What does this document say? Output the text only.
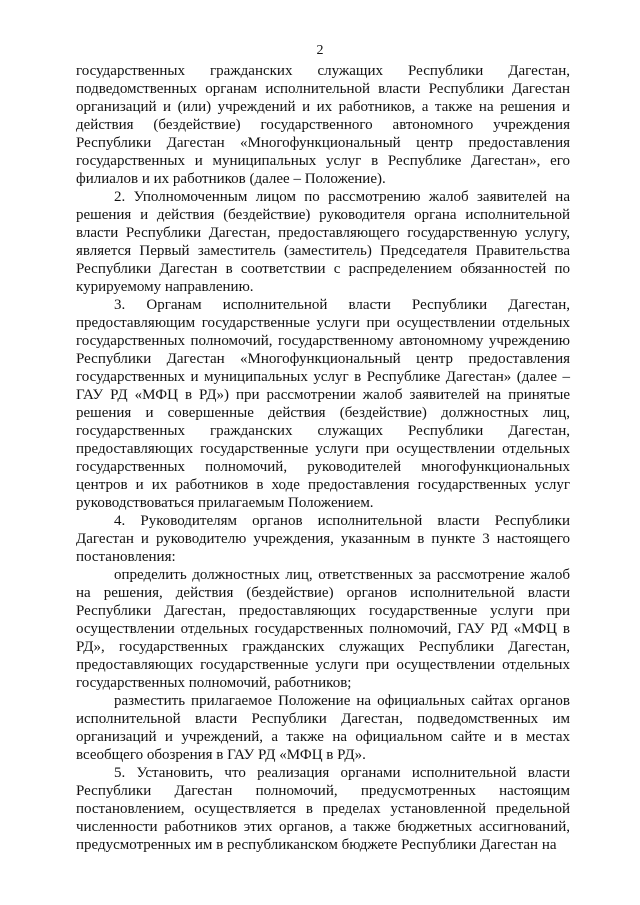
2

государственных гражданских служащих Республики Дагестан, подведомственных органам исполнительной власти Республики Дагестан организаций и (или) учреждений и их работников, а также на решения и действия (бездействие) государственного автономного учреждения Республики Дагестан «Многофункциональный центр предоставления государственных и муниципальных услуг в Республике Дагестан», его филиалов и их работников (далее – Положение).

2. Уполномоченным лицом по рассмотрению жалоб заявителей на решения и действия (бездействие) руководителя органа исполнительной власти Республики Дагестан, предоставляющего государственную услугу, является Первый заместитель (заместитель) Председателя Правительства Республики Дагестан в соответствии с распределением обязанностей по курируемому направлению.

3. Органам исполнительной власти Республики Дагестан, предоставляющим государственные услуги при осуществлении отдельных государственных полномочий, государственному автономному учреждению Республики Дагестан «Многофункциональный центр предоставления государственных и муниципальных услуг в Республике Дагестан» (далее – ГАУ РД «МФЦ в РД») при рассмотрении жалоб заявителей на принятые решения и совершенные действия (бездействие) должностных лиц, государственных гражданских служащих Республики Дагестан, предоставляющих государственные услуги при осуществлении отдельных государственных полномочий, руководителей многофункциональных центров и их работников в ходе предоставления государственных услуг руководствоваться прилагаемым Положением.

4. Руководителям органов исполнительной власти Республики Дагестан и руководителю учреждения, указанным в пункте 3 настоящего постановления:

определить должностных лиц, ответственных за рассмотрение жалоб на решения, действия (бездействие) органов исполнительной власти Республики Дагестан, предоставляющих государственные услуги при осуществлении отдельных государственных полномочий, ГАУ РД «МФЦ в РД», государственных гражданских служащих Республики Дагестан, предоставляющих государственные услуги при осуществлении отдельных государственных полномочий, работников;

разместить прилагаемое Положение на официальных сайтах органов исполнительной власти Республики Дагестан, подведомственных им организаций и учреждений, а также на официальном сайте и в местах всеобщего обозрения в ГАУ РД «МФЦ в РД».

5. Установить, что реализация органами исполнительной власти Республики Дагестан полномочий, предусмотренных настоящим постановлением, осуществляется в пределах установленной предельной численности работников этих органов, а также бюджетных ассигнований, предусмотренных им в республиканском бюджете Республики Дагестан на
